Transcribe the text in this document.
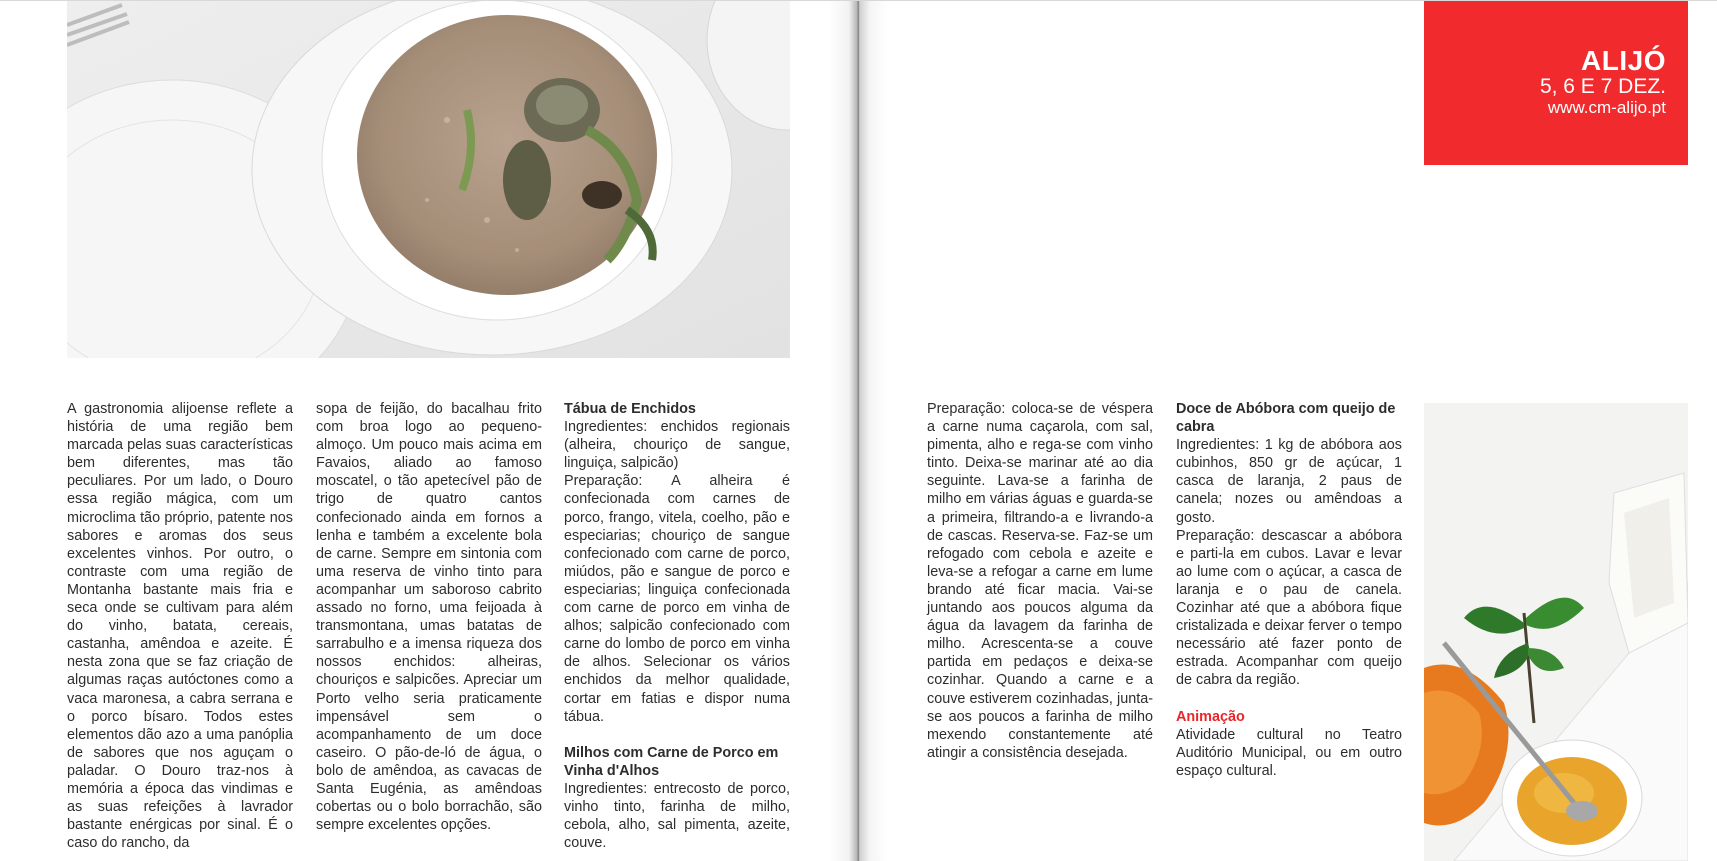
A gastronomia alijoense reflete a história de uma região bem marcada pelas suas características bem diferentes, mas tão peculiares. Por um lado, o Douro essa região mágica, com um microclima tão próprio, patente nos sabores e aromas dos seus excelentes vinhos. Por outro, o contraste com uma região de Montanha bastante mais fria e seca onde se cultivam para além do vinho, batata, cereais, castanha, amêndoa e azeite. É nesta zona que se faz criação de algumas raças autóctones como a vaca maronesa, a cabra serrana e o porco bísaro. Todos estes elementos dão azo a uma panóplia de sabores que nos aguçam o paladar. O Douro traz-nos à memória a época das vindimas e as suas refeições à lavrador bastante enérgicas por sinal. É o caso do rancho, da

sopa de feijão, do bacalhau frito com broa logo ao pequeno-almoço. Um pouco mais acima em Favaios, aliado ao famoso moscatel, o tão apetecível pão de trigo de quatro cantos confecionado ainda em fornos a lenha e também a excelente bola de carne. Sempre em sintonia com uma reserva de vinho tinto para acompanhar um saboroso cabrito assado no forno, uma feijoada à transmontana, umas batatas de sarrabulho e a imensa riqueza dos nossos enchidos: alheiras, chouriços e salpicões. Apreciar um Porto velho seria praticamente impensável sem o acompanhamento de um doce caseiro. O pão-de-ló de água, o bolo de amêndoa, as cavacas de Santa Eugénia, as amêndoas cobertas ou o bolo borrachão, são sempre excelentes opções.

Tábua de Enchidos

Ingredientes: enchidos regionais (alheira, chouriço de sangue, linguiça, salpicão)

Preparação: A alheira é confecionada com carnes de porco, frango, vitela, coelho, pão e especiarias; chouriço de sangue confecionado com carne de porco, miúdos, pão e sangue de porco e especiarias; linguiça confecionada com carne de porco em vinha de alhos; salpicão confecionado com carne do lombo de porco em vinha de alhos. Selecionar os vários enchidos da melhor qualidade, cortar em fatias e dispor numa tábua.

Milhos com Carne de Porco em Vinha d'Alhos

Ingredientes: entrecosto de porco, vinho tinto, farinha de milho, cebola, alho, sal pimenta, azeite, couve.

Preparação: coloca-se de véspera a carne numa caçarola, com sal, pimenta, alho e rega-se com vinho tinto. Deixa-se marinar até ao dia seguinte. Lava-se a farinha de milho em várias águas e guarda-se a primeira, filtrando-a e livrando-a de cascas. Reserva-se. Faz-se um refogado com cebola e azeite e leva-se a refogar a carne em lume brando até ficar macia. Vai-se juntando aos poucos alguma da água da lavagem da farinha de milho. Acrescenta-se a couve partida em pedaços e deixa-se cozinhar. Quando a carne e a couve estiverem cozinhadas, junta-se aos poucos a farinha de milho mexendo constantemente até atingir a consistência desejada.

Doce de Abóbora com queijo de cabra

Ingredientes: 1 kg de abóbora aos cubinhos, 850 gr de açúcar, 1 casca de laranja, 2 paus de canela; nozes ou amêndoas a gosto.

Preparação: descascar a abóbora e parti-la em cubos. Lavar e levar ao lume com o açúcar, a casca de laranja e o pau de canela. Cozinhar até que a abóbora fique cristalizada e deixar ferver o tempo necessário até fazer ponto de estrada. Acompanhar com queijo de cabra da região.

Animação

Atividade cultural no Teatro Auditório Municipal, ou em outro espaço cultural.

ALIJÓ
5, 6 E 7 DEZ.
www.cm-alijo.pt
